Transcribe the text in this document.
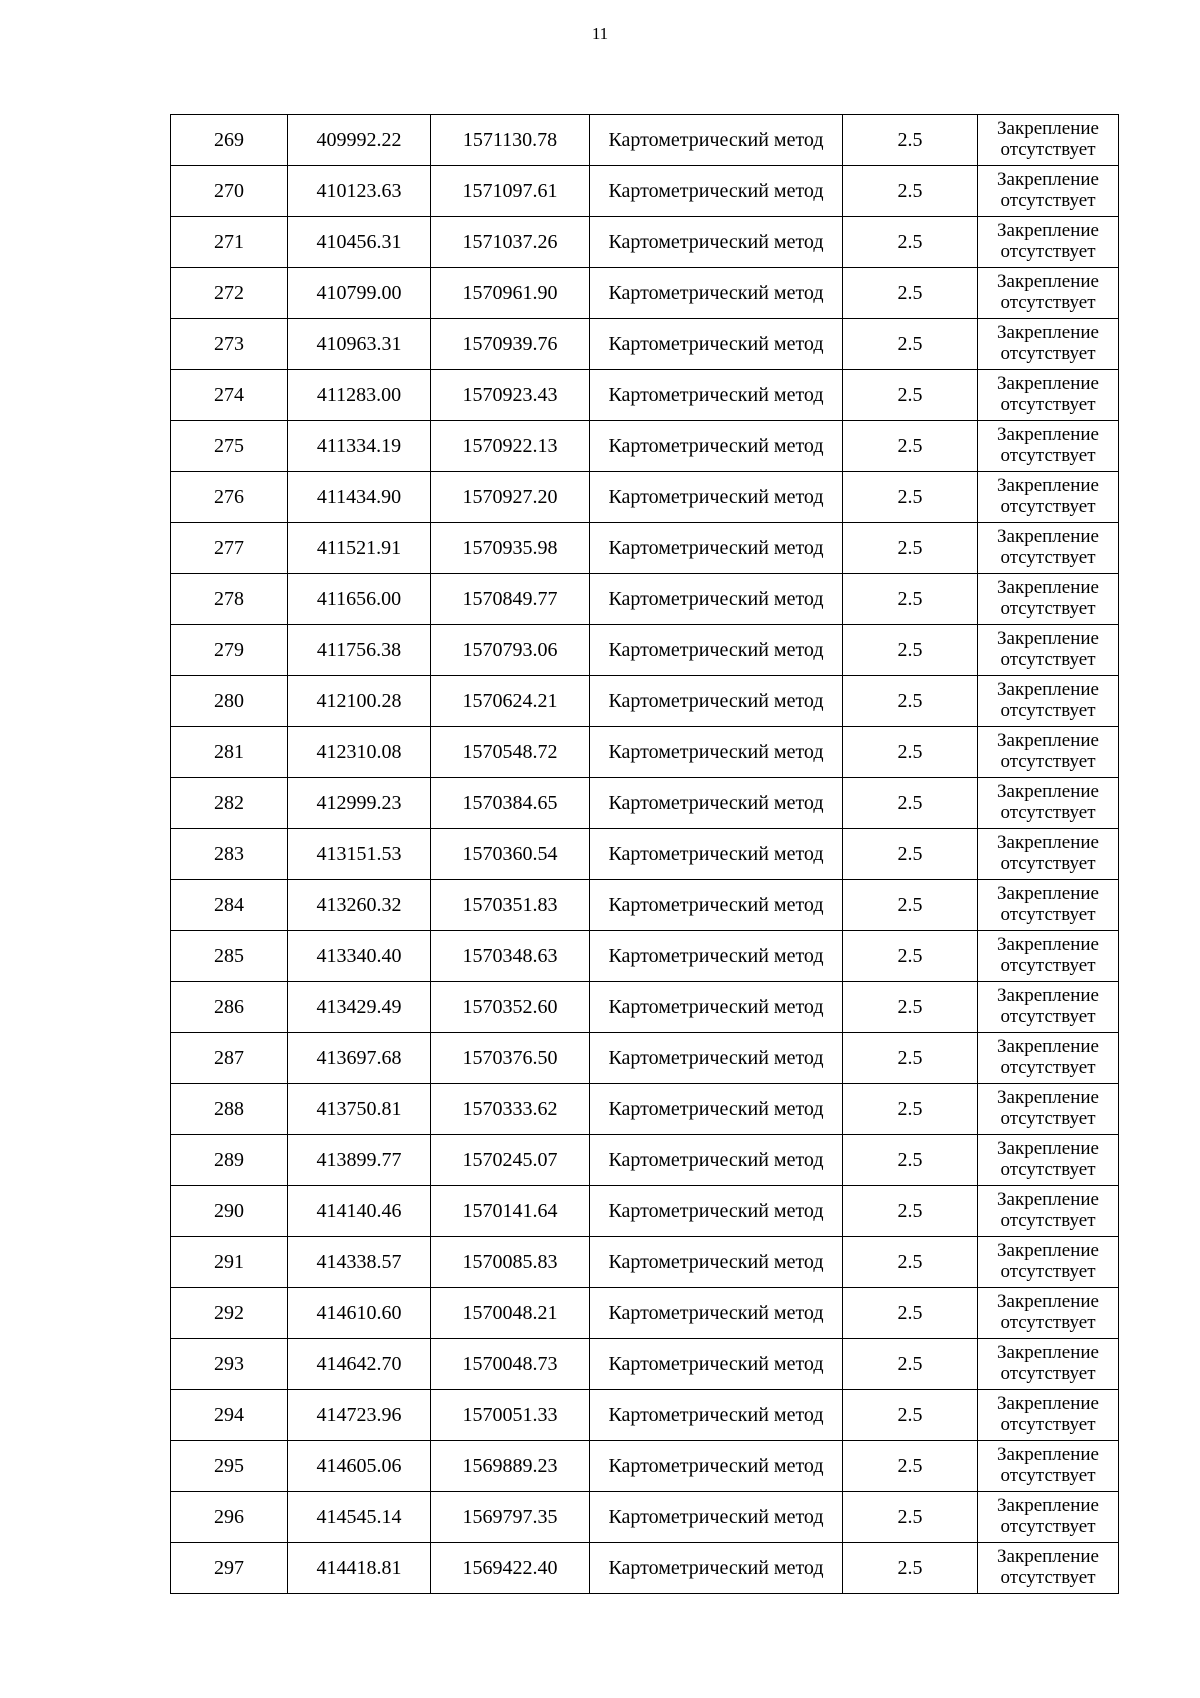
11
269	409992.22	1571130.78	Картометрический метод	2.5	Закрепление
отсутствует

270	410123.63	1571097.61	Картометрический метод	2.5	Закрепление
отсутствует

271	410456.31	1571037.26	Картометрический метод	2.5	Закрепление
отсутствует

272	410799.00	1570961.90	Картометрический метод	2.5	Закрепление
отсутствует

273	410963.31	1570939.76	Картометрический метод	2.5	Закрепление
отсутствует

274	411283.00	1570923.43	Картометрический метод	2.5	Закрепление
отсутствует

275	411334.19	1570922.13	Картометрический метод	2.5	Закрепление
отсутствует

276	411434.90	1570927.20	Картометрический метод	2.5	Закрепление
отсутствует

277	411521.91	1570935.98	Картометрический метод	2.5	Закрепление
отсутствует

278	411656.00	1570849.77	Картометрический метод	2.5	Закрепление
отсутствует

279	411756.38	1570793.06	Картометрический метод	2.5	Закрепление
отсутствует

280	412100.28	1570624.21	Картометрический метод	2.5	Закрепление
отсутствует

281	412310.08	1570548.72	Картометрический метод	2.5	Закрепление
отсутствует

282	412999.23	1570384.65	Картометрический метод	2.5	Закрепление
отсутствует

283	413151.53	1570360.54	Картометрический метод	2.5	Закрепление
отсутствует

284	413260.32	1570351.83	Картометрический метод	2.5	Закрепление
отсутствует

285	413340.40	1570348.63	Картометрический метод	2.5	Закрепление
отсутствует

286	413429.49	1570352.60	Картометрический метод	2.5	Закрепление
отсутствует

287	413697.68	1570376.50	Картометрический метод	2.5	Закрепление
отсутствует

288	413750.81	1570333.62	Картометрический метод	2.5	Закрепление
отсутствует

289	413899.77	1570245.07	Картометрический метод	2.5	Закрепление
отсутствует

290	414140.46	1570141.64	Картометрический метод	2.5	Закрепление
отсутствует

291	414338.57	1570085.83	Картометрический метод	2.5	Закрепление
отсутствует

292	414610.60	1570048.21	Картометрический метод	2.5	Закрепление
отсутствует

293	414642.70	1570048.73	Картометрический метод	2.5	Закрепление
отсутствует

294	414723.96	1570051.33	Картометрический метод	2.5	Закрепление
отсутствует

295	414605.06	1569889.23	Картометрический метод	2.5	Закрепление
отсутствует

296	414545.14	1569797.35	Картометрический метод	2.5	Закрепление
отсутствует

297	414418.81	1569422.40	Картометрический метод	2.5	Закрепление
отсутствует
